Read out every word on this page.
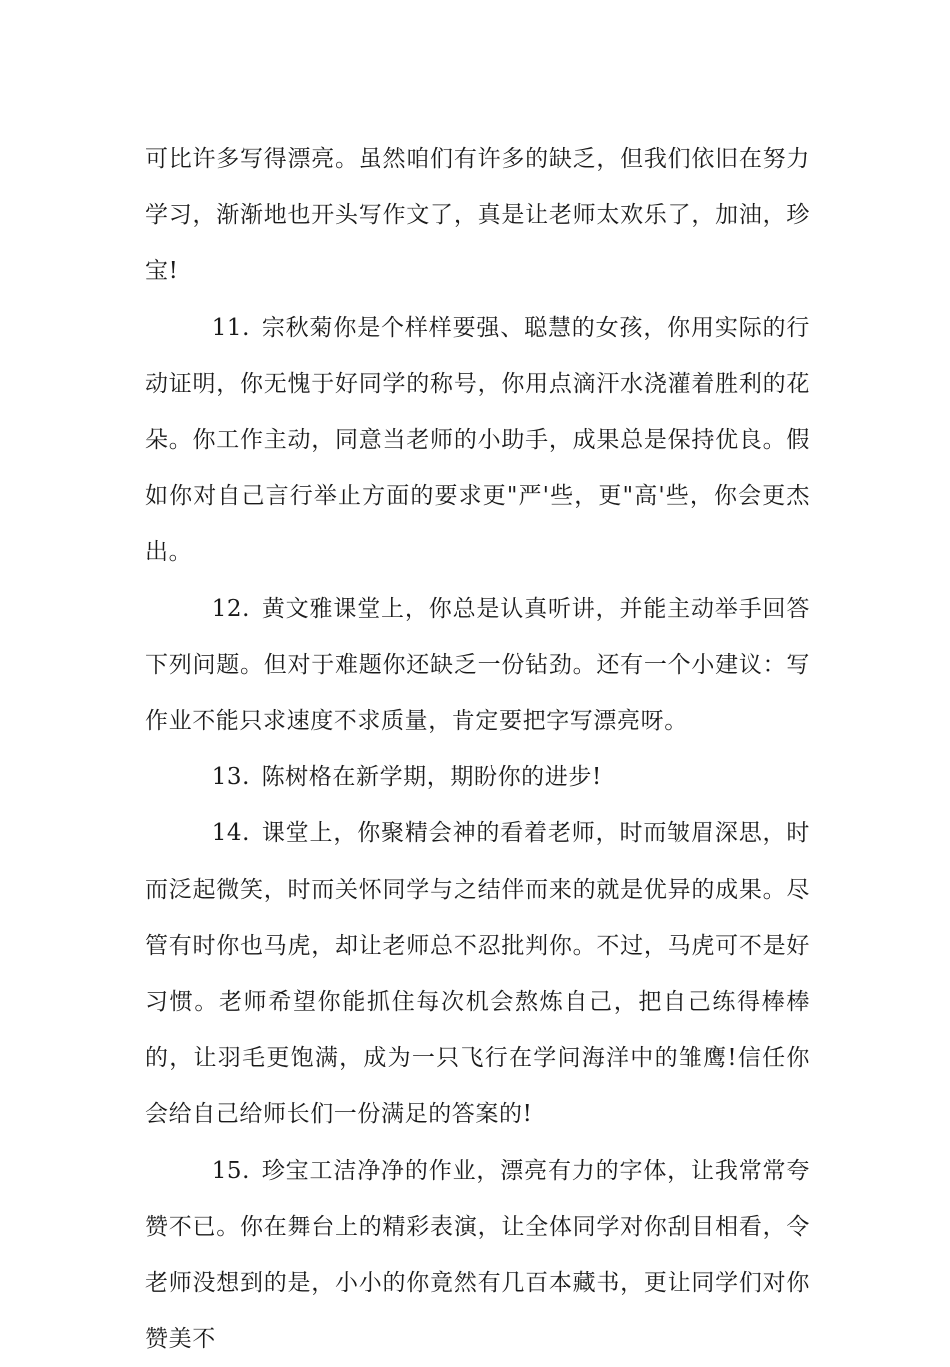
可比许多写得漂亮。虽然咱们有许多的缺乏，但我们依旧在努力学习，渐渐地也开头写作文了，真是让老师太欢乐了，加油，珍宝!

11. 宗秋菊你是个样样要强、聪慧的女孩，你用实际的行动证明，你无愧于好同学的称号，你用点滴汗水浇灌着胜利的花朵。你工作主动，同意当老师的小助手，成果总是保持优良。假如你对自己言行举止方面的要求更"严'些，更"高'些，你会更杰出。

12. 黄文雅课堂上，你总是认真听讲，并能主动举手回答下列问题。但对于难题你还缺乏一份钻劲。还有一个小建议：写作业不能只求速度不求质量，肯定要把字写漂亮呀。

13. 陈树格在新学期，期盼你的进步!

14. 课堂上，你聚精会神的看着老师，时而皱眉深思，时而泛起微笑，时而关怀同学与之结伴而来的就是优异的成果。尽管有时你也马虎，却让老师总不忍批判你。不过，马虎可不是好习惯。老师希望你能抓住每次机会熬炼自己，把自己练得棒棒的，让羽毛更饱满，成为一只飞行在学问海洋中的雏鹰!信任你会给自己给师长们一份满足的答案的!

15. 珍宝工洁净净的作业，漂亮有力的字体，让我常常夸赞不已。你在舞台上的精彩表演，让全体同学对你刮目相看，令老师没想到的是，小小的你竟然有几百本藏书，更让同学们对你赞美不
